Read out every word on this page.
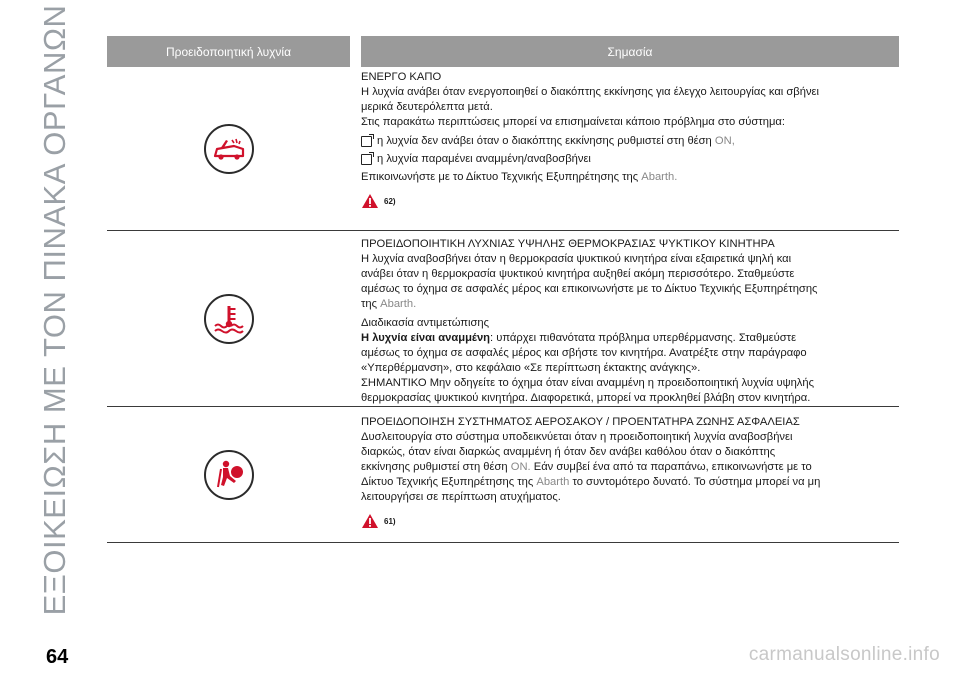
ΕΞΟΙΚΕΙΩΣΗ ΜΕ ΤΟΝ ΠΙΝΑΚΑ ΟΡΓΑΝΩΝ	Προειδοποιητική λυχνία	Σημασία

ΕΝΕΡΓΟ ΚΑΠΟ

Η λυχνία ανάβει όταν ενεργοποιηθεί ο διακόπτης εκκίνησης για έλεγχο λειτουργίας και σβήνει

μερικά δευτερόλεπτα μετά.

Στις παρακάτω περιπτώσεις μπορεί να επισημαίνεται κάποιο πρόβλημα στο σύστημα:

η λυχνία δεν ανάβει όταν ο διακόπτης εκκίνησης ρυθμιστεί στη θέση ON,
η λυχνία παραμένει αναμμένη/αναβοσβήνει

Επικοινωνήστε με το Δίκτυο Τεχνικής Εξυπηρέτησης της Abarth.

62)

ΠΡΟΕΙΔΟΠΟΙΗΤΙΚΗ ΛΥΧΝΙΑΣ ΥΨΗΛΗΣ ΘΕΡΜΟΚΡΑΣΙΑΣ ΨΥΚΤΙΚΟΥ ΚΙΝΗΤΗΡΑ

Η λυχνία αναβοσβήνει όταν η θερμοκρασία ψυκτικού κινητήρα είναι εξαιρετικά ψηλή και

ανάβει όταν η θερμοκρασία ψυκτικού κινητήρα αυξηθεί ακόμη περισσότερο. Σταθμεύστε

αμέσως το όχημα σε ασφαλές μέρος και επικοινωνήστε με το Δίκτυο Τεχνικής Εξυπηρέτησης

της Abarth.

Διαδικασία αντιμετώπισης

Η λυχνία είναι αναμμένη: υπάρχει πιθανότατα πρόβλημα υπερθέρμανσης. Σταθμεύστε

αμέσως το όχημα σε ασφαλές μέρος και σβήστε τον κινητήρα. Ανατρέξτε στην παράγραφο

«Υπερθέρμανση», στο κεφάλαιο «Σε περίπτωση έκτακτης ανάγκης».

ΣΗΜΑΝΤΙΚΟ Μην οδηγείτε το όχημα όταν είναι αναμμένη η προειδοποιητική λυχνία υψηλής

θερμοκρασίας ψυκτικού κινητήρα. Διαφορετικά, μπορεί να προκληθεί βλάβη στον κινητήρα.

ΠΡΟΕΙΔΟΠΟΙΗΣΗ ΣΥΣΤΗΜΑΤΟΣ ΑΕΡΟΣΑΚΟΥ / ΠΡΟΕΝΤΑΤΗΡΑ ΖΩΝΗΣ ΑΣΦΑΛΕΙΑΣ

Δυσλειτουργία στο σύστημα υποδεικνύεται όταν η προειδοποιητική λυχνία αναβοσβήνει

διαρκώς, όταν είναι διαρκώς αναμμένη ή όταν δεν ανάβει καθόλου όταν ο διακόπτης

εκκίνησης ρυθμιστεί στη θέση ON. Εάν συμβεί ένα από τα παραπάνω, επικοινωνήστε με το

Δίκτυο Τεχνικής Εξυπηρέτησης της Abarth το συντομότερο δυνατό. Το σύστημα μπορεί να μη

λειτουργήσει σε περίπτωση ατυχήματος.

61)
64	carmanualsonline.info
